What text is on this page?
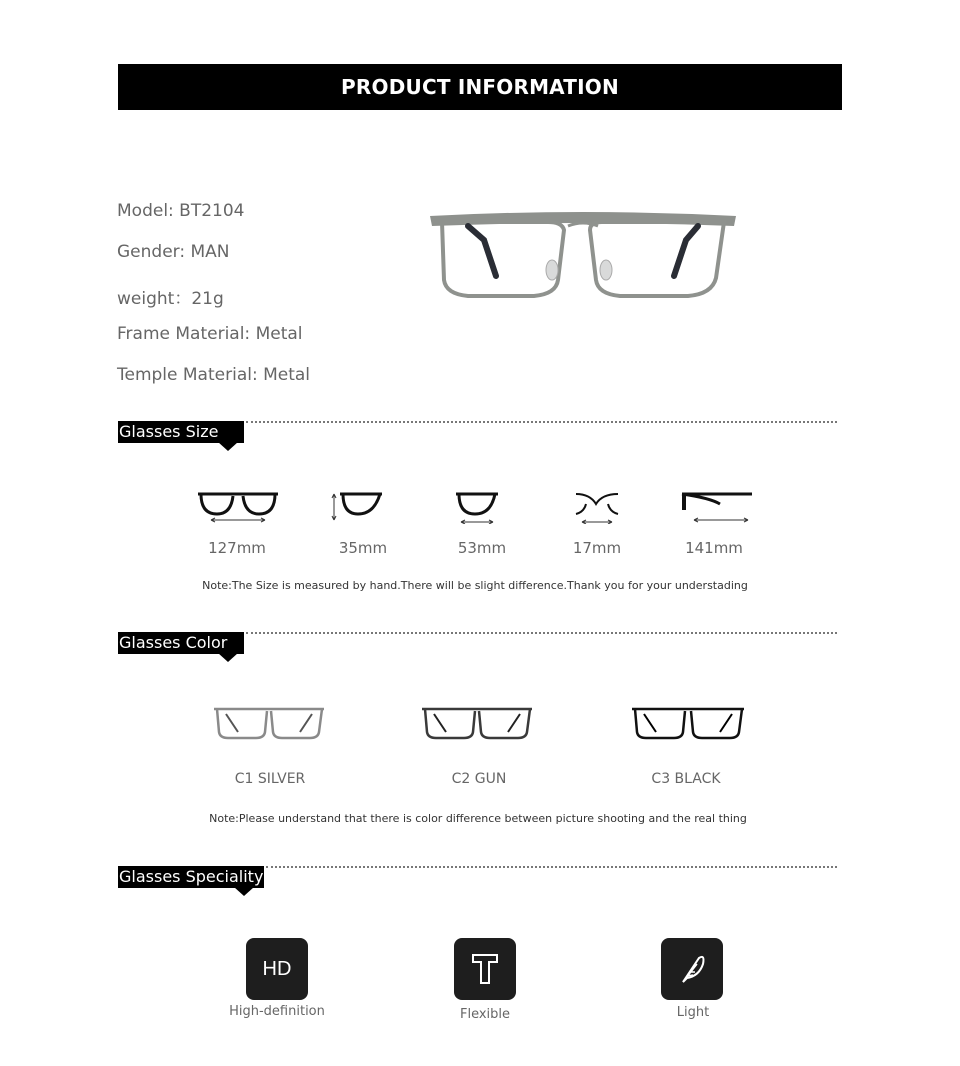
PRODUCT INFORMATION
Model: BT2104
Gender: MAN
weight：21g
Frame Material: Metal
Temple Material: Metal
Glasses Size
127mm	35mm	53mm	17mm	141mm
Note:The Size is measured by hand.There will be slight difference.Thank you for your understading
Glasses Color
C1 SILVER	C2 GUN	C3 BLACK
Note:Please understand that there is color difference between picture shooting and the real thing
Glasses Speciality
HD
High-definition	Flexible	Light
